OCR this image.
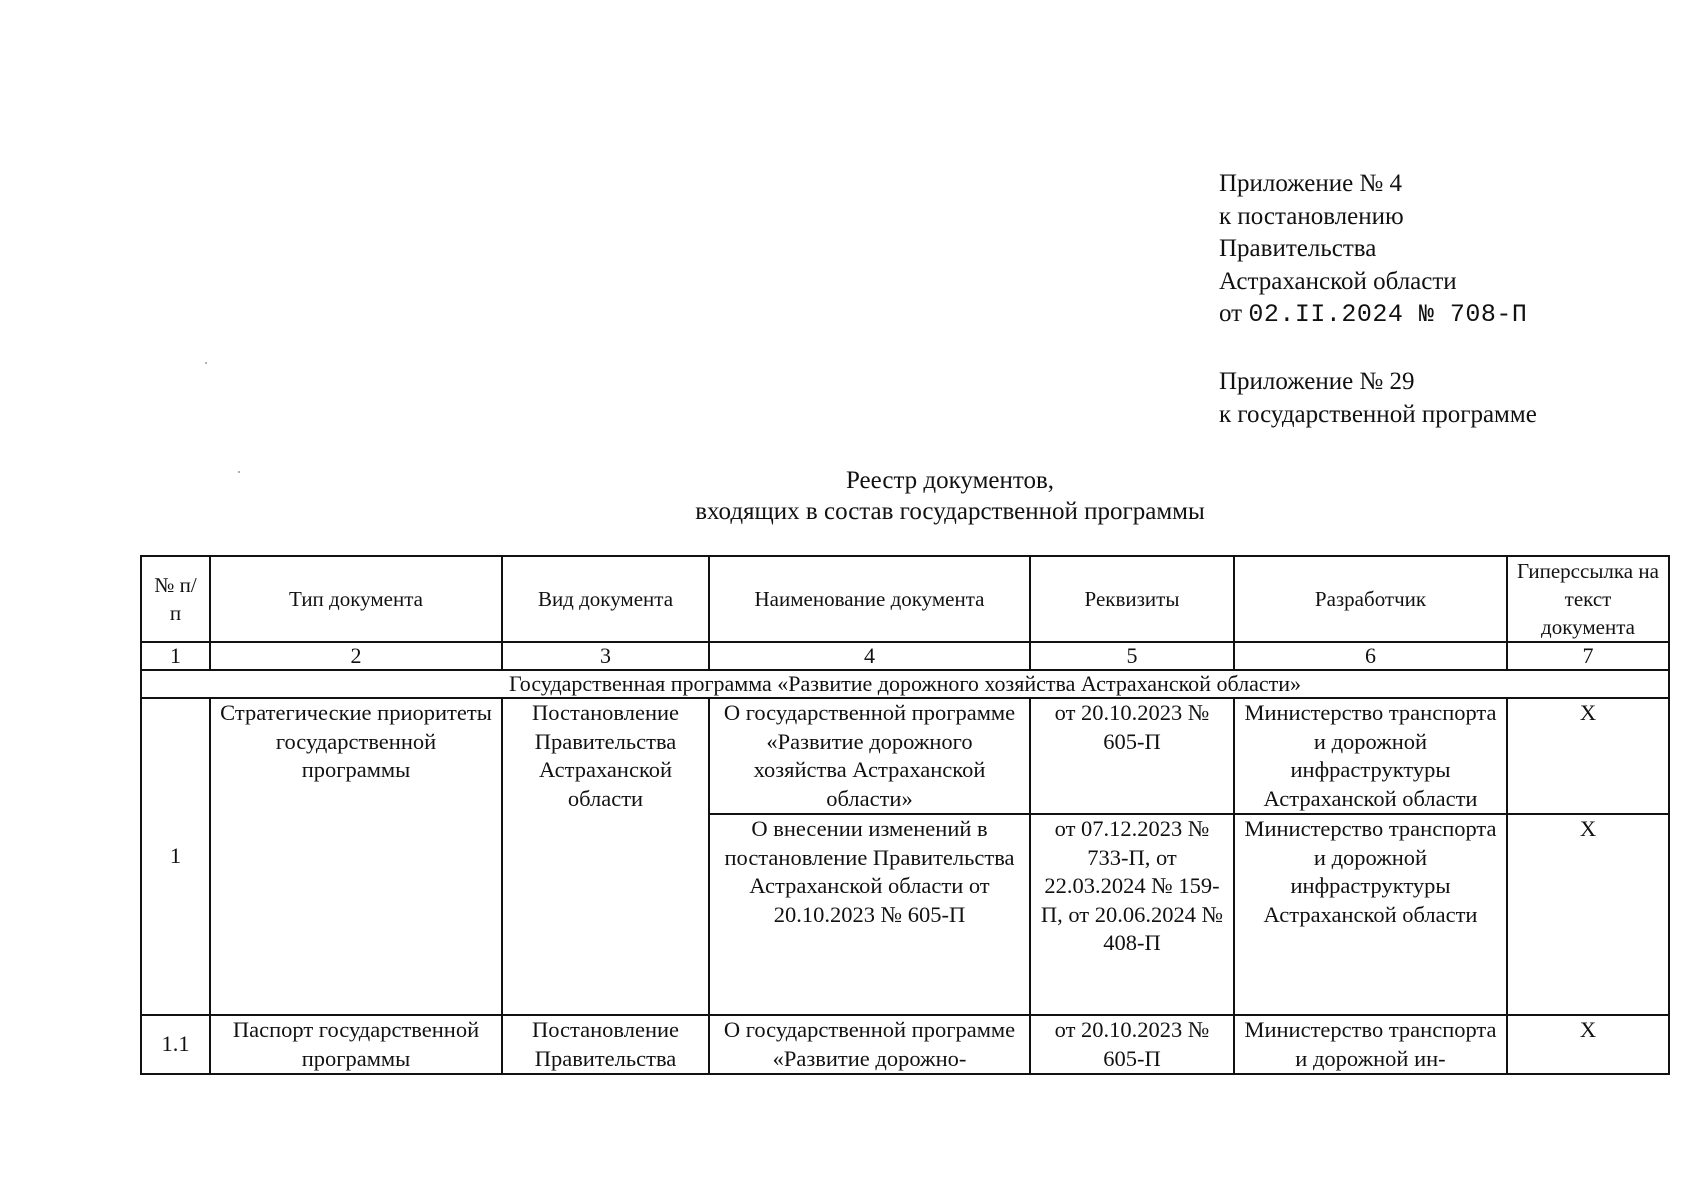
Приложение № 4
к постановлению
Правительства
Астраханской области
от 02.II.2024 № 708-П
Приложение № 29
к государственной программе
Реестр документов,
входящих в состав государственной программы
№ п/п	Тип документа	Вид документа	Наименование документа	Реквизиты	Разработчик	Гиперссылка на текст документа
1	2	3	4	5	6	7
Государственная программа «Развитие дорожного хозяйства Астраханской области»						
1	Стратегические приоритеты государственной программы	Постановление Правительства Астраханской области	О государственной программе «Развитие дорожного хозяйства Астраханской области»	от 20.10.2023 № 605-П	Министерство транспорта и дорожной инфраструктуры Астраханской области	X
			О внесении изменений в постановление Правительства Астраханской области от 20.10.2023 № 605-П	от 07.12.2023 № 733-П, от 22.03.2024 № 159-П, от 20.06.2024 № 408-П	Министерство транспорта и дорожной инфраструктуры Астраханской области	X
1.1	Паспорт государственной программы	Постановление Правительства	О государственной программе «Развитие дорожно-	от 20.10.2023 № 605-П	Министерство транспорта и дорожной ин-	X
